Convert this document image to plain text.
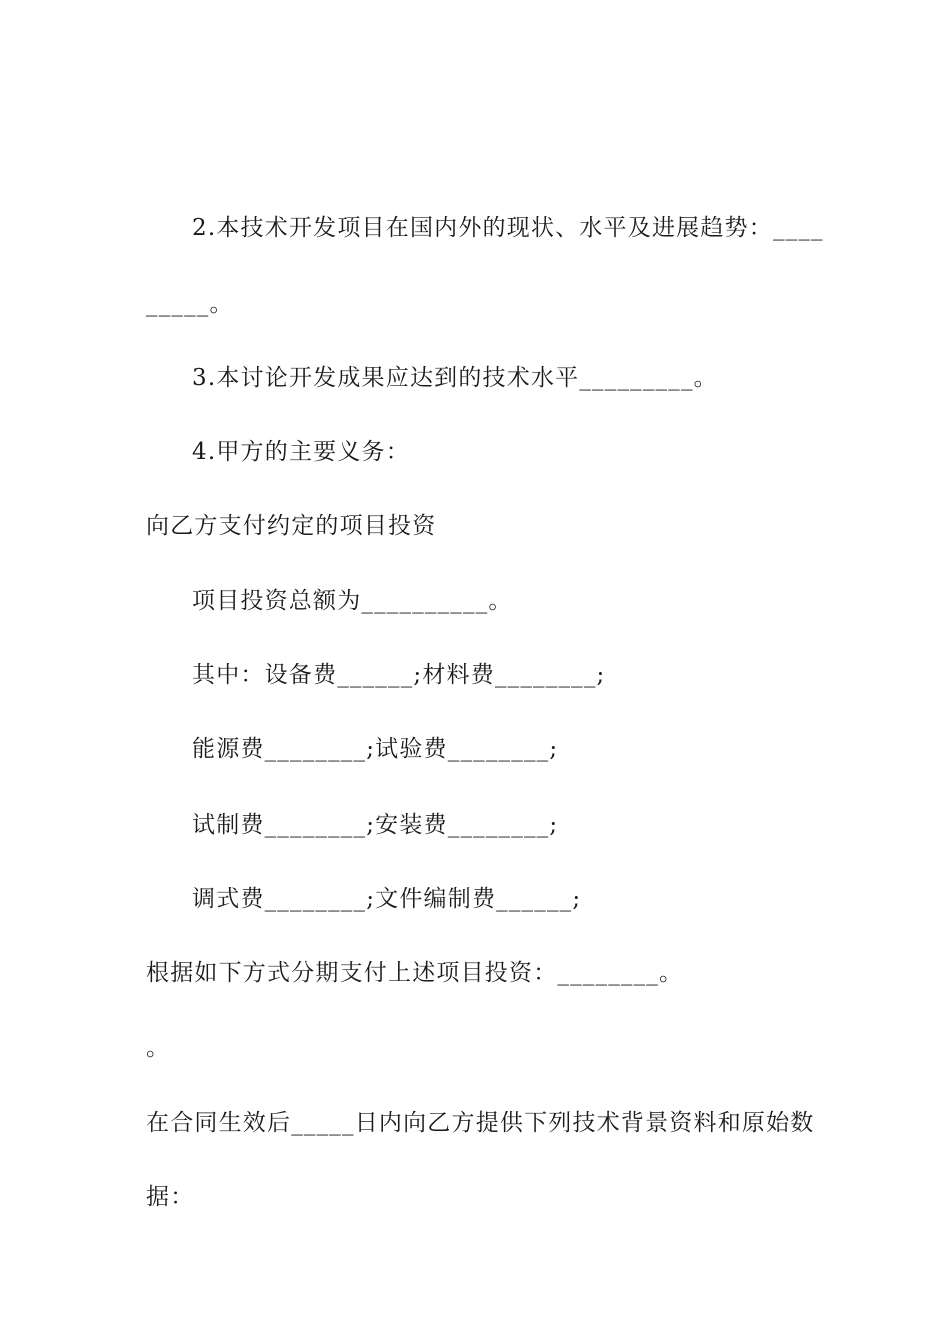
2.本技术开发项目在国内外的现状、水平及进展趋势：____
_____。
3.本讨论开发成果应达到的技术水平_________。
4.甲方的主要义务：
向乙方支付约定的项目投资
项目投资总额为__________。
其中：设备费______;材料费________;
能源费________;试验费________;
试制费________;安装费________;
调式费________;文件编制费______;
根据如下方式分期支付上述项目投资：________。
。
在合同生效后_____日内向乙方提供下列技术背景资料和原始数
据：
